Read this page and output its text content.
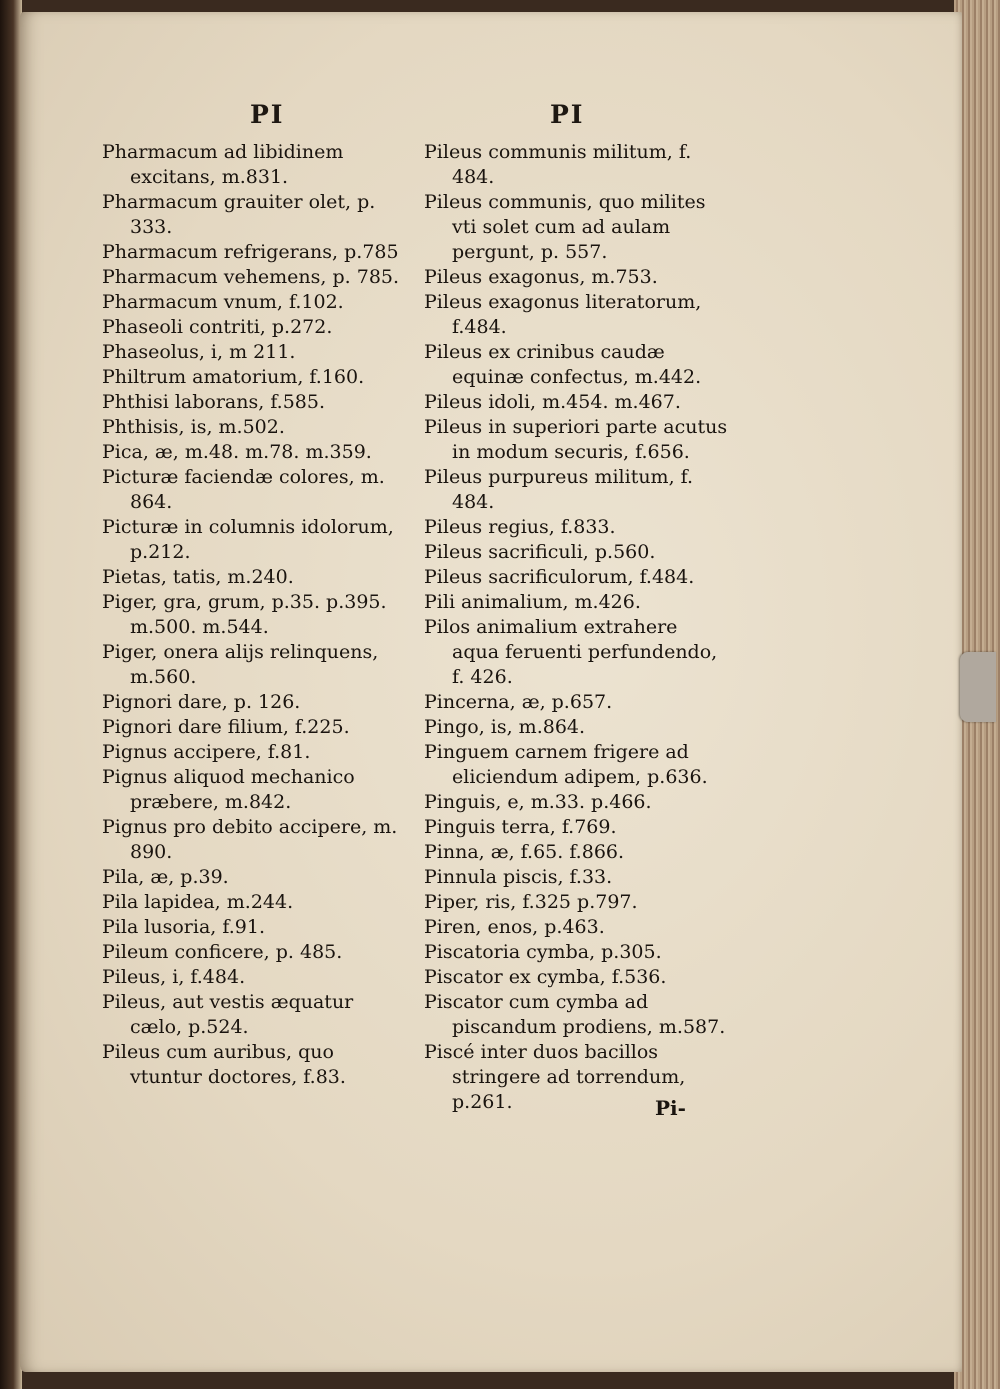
PI	PI

Pharmacum ad libidinem excitans, m.831.

Pharmacum grauiter olet, p. 333.

Pharmacum refrigerans, p.785

Pharmacum vehemens, p. 785.

Pharmacum vnum, f.102.

Phaseoli contriti, p.272.

Phaseolus, i, m 211.

Philtrum amatorium, f.160.

Phthisi laborans, f.585.

Phthisis, is, m.502.

Pica, æ, m.48. m.78. m.359.

Picturæ faciendæ colores, m. 864.

Picturæ in columnis idolorum, p.212.

Pietas, tatis, m.240.

Piger, gra, grum, p.35. p.395. m.500. m.544.

Piger, onera alijs relinquens, m.560.

Pignori dare, p. 126.

Pignori dare filium, f.225.

Pignus accipere, f.81.

Pignus aliquod mechanico præbere, m.842.

Pignus pro debito accipere, m. 890.

Pila, æ, p.39.

Pila lapidea, m.244.

Pila lusoria, f.91.

Pileum conficere, p. 485.

Pileus, i, f.484.

Pileus, aut vestis æquatur cælo, p.524.

Pileus cum auribus, quo vtuntur doctores, f.83.

Pileus communis militum, f. 484.

Pileus communis, quo milites vti solet cum ad aulam pergunt, p. 557.

Pileus exagonus, m.753.

Pileus exagonus literatorum, f.484.

Pileus ex crinibus caudæ equinæ confectus, m.442.

Pileus idoli, m.454. m.467.

Pileus in superiori parte acutus in modum securis, f.656.

Pileus purpureus militum, f. 484.

Pileus regius, f.833.

Pileus sacrificuli, p.560.

Pileus sacrificulorum, f.484.

Pili animalium, m.426.

Pilos animalium extrahere aqua feruenti perfundendo, f. 426.

Pincerna, æ, p.657.

Pingo, is, m.864.

Pinguem carnem frigere ad eliciendum adipem, p.636.

Pinguis, e, m.33. p.466.

Pinguis terra, f.769.

Pinna, æ, f.65. f.866.

Pinnula piscis, f.33.

Piper, ris, f.325 p.797.

Piren, enos, p.463.

Piscatoria cymba, p.305.

Piscator ex cymba, f.536.

Piscator cum cymba ad piscandum prodiens, m.587.

Piscé inter duos bacillos stringere ad torrendum, p.261.	Pi-
